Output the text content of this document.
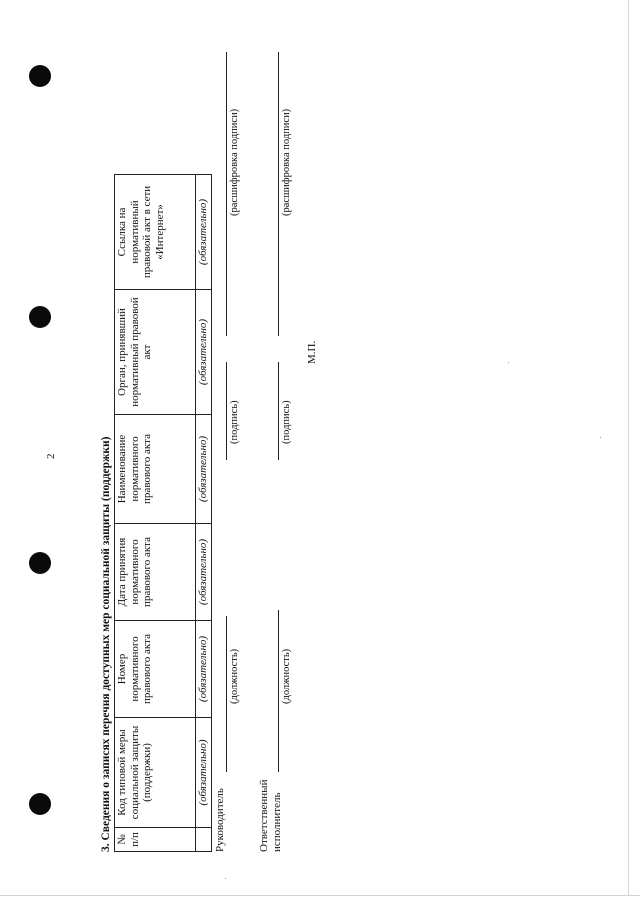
2	3. Сведения о записях перечня доступных мер социальной защиты (поддержки) № п/п	Код типовой меры социальной защиты (поддержки)	Номер нормативного правового акта	Дата принятия нормативного правового акта	Наименование нормативного правового акта	Орган, принявший нормативный правовой акт	Ссылка на нормативный правовой акт в сети «Интернет»
	(обязательно)	(обязательно)	(обязательно)	(обязательно)	(обязательно)	(обязательно)
Руководитель
(должность)
(подпись)
(расшифровка подписи)
Ответственный исполнитель
(должность)
(подпись)
(расшифровка подписи)
М.П.
